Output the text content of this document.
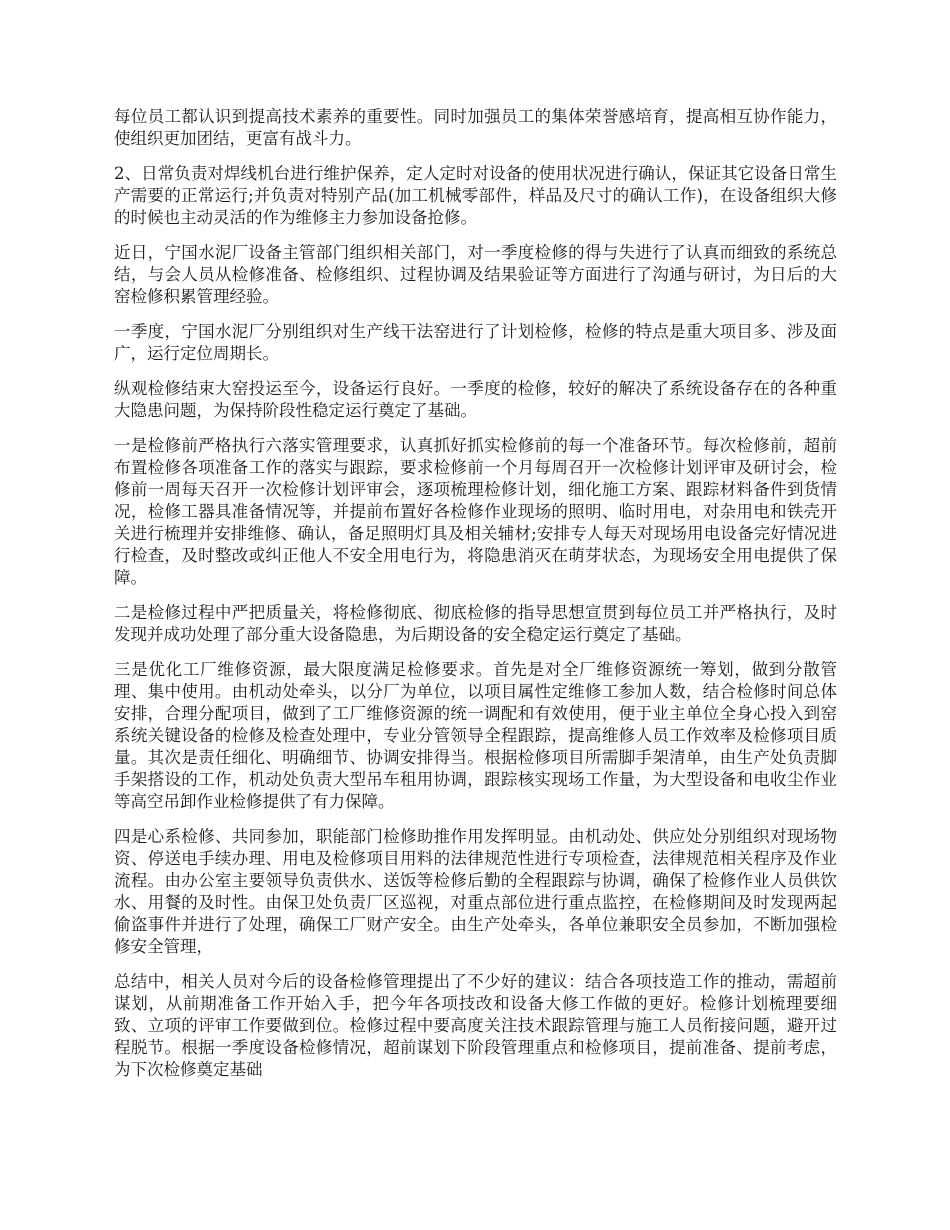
每位员工都认识到提高技术素养的重要性。同时加强员工的集体荣誉感培育，提高相互协作能力，使组织更加团结，更富有战斗力。

2、日常负责对焊线机台进行维护保养，定人定时对设备的使用状况进行确认，保证其它设备日常生产需要的正常运行;并负责对特别产品(加工机械零部件，样品及尺寸的确认工作)，在设备组织大修的时候也主动灵活的作为维修主力参加设备抢修。

近日，宁国水泥厂设备主管部门组织相关部门，对一季度检修的得与失进行了认真而细致的系统总结，与会人员从检修准备、检修组织、过程协调及结果验证等方面进行了沟通与研讨，为日后的大窑检修积累管理经验。

一季度，宁国水泥厂分别组织对生产线干法窑进行了计划检修，检修的特点是重大项目多、涉及面广，运行定位周期长。

纵观检修结束大窑投运至今，设备运行良好。一季度的检修，较好的解决了系统设备存在的各种重大隐患问题，为保持阶段性稳定运行奠定了基础。

一是检修前严格执行六落实管理要求，认真抓好抓实检修前的每一个准备环节。每次检修前，超前布置检修各项准备工作的落实与跟踪，要求检修前一个月每周召开一次检修计划评审及研讨会，检修前一周每天召开一次检修计划评审会，逐项梳理检修计划，细化施工方案、跟踪材料备件到货情况，检修工器具准备情况等，并提前布置好各检修作业现场的照明、临时用电，对杂用电和铁壳开关进行梳理并安排维修、确认，备足照明灯具及相关辅材;安排专人每天对现场用电设备完好情况进行检查，及时整改或纠正他人不安全用电行为，将隐患消灭在萌芽状态，为现场安全用电提供了保障。

二是检修过程中严把质量关，将检修彻底、彻底检修的指导思想宣贯到每位员工并严格执行，及时发现并成功处理了部分重大设备隐患，为后期设备的安全稳定运行奠定了基础。

三是优化工厂维修资源，最大限度满足检修要求。首先是对全厂维修资源统一筹划，做到分散管理、集中使用。由机动处牵头，以分厂为单位，以项目属性定维修工参加人数，结合检修时间总体安排，合理分配项目，做到了工厂维修资源的统一调配和有效使用，便于业主单位全身心投入到窑系统关键设备的检修及检查处理中，专业分管领导全程跟踪，提高维修人员工作效率及检修项目质量。其次是责任细化、明确细节、协调安排得当。根据检修项目所需脚手架清单，由生产处负责脚手架搭设的工作，机动处负责大型吊车租用协调，跟踪核实现场工作量，为大型设备和电收尘作业等高空吊卸作业检修提供了有力保障。

四是心系检修、共同参加，职能部门检修助推作用发挥明显。由机动处、供应处分别组织对现场物资、停送电手续办理、用电及检修项目用料的法律规范性进行专项检查，法律规范相关程序及作业流程。由办公室主要领导负责供水、送饭等检修后勤的全程跟踪与协调，确保了检修作业人员供饮水、用餐的及时性。由保卫处负责厂区巡视，对重点部位进行重点监控，在检修期间及时发现两起偷盗事件并进行了处理，确保工厂财产安全。由生产处牵头，各单位兼职安全员参加，不断加强检修安全管理，

总结中，相关人员对今后的设备检修管理提出了不少好的建议：结合各项技造工作的推动，需超前谋划，从前期准备工作开始入手，把今年各项技改和设备大修工作做的更好。检修计划梳理要细致、立项的评审工作要做到位。检修过程中要高度关注技术跟踪管理与施工人员衔接问题，避开过程脱节。根据一季度设备检修情况，超前谋划下阶段管理重点和检修项目，提前准备、提前考虑，为下次检修奠定基础
